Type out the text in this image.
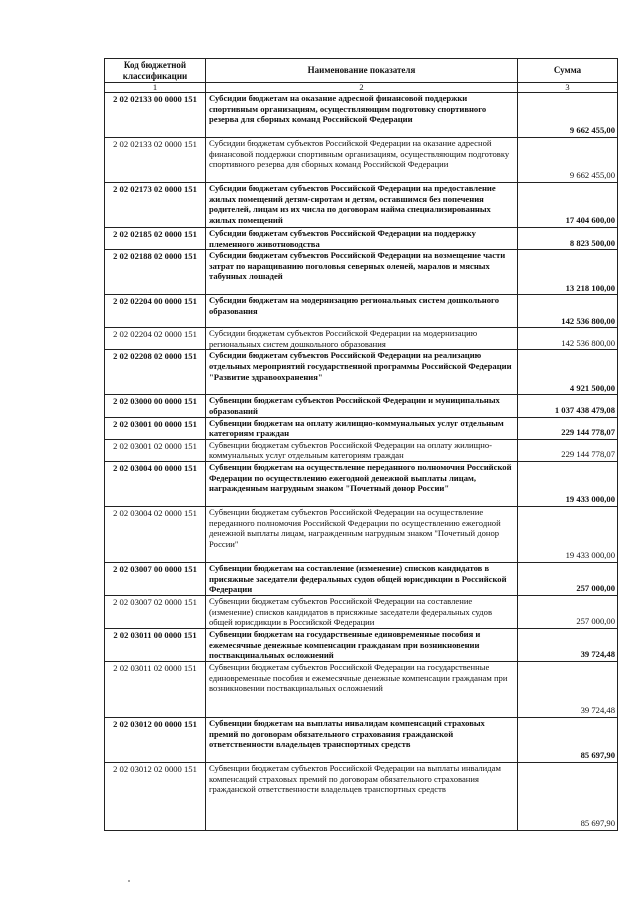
Код бюджетной классификации	Наименование показателя	Сумма
1	2	3
2 02 02133 00 0000 151	Субсидии бюджетам на оказание адресной финансовой поддержки спортивным организациям, осуществляющим подготовку спортивного резерва для сборных команд Российской Федерации	9 662 455,00
2 02 02133 02 0000 151	Субсидии бюджетам субъектов Российской Федерации на оказание адресной финансовой поддержки спортивным организациям, осуществляющим подготовку спортивного резерва для сборных команд Российской Федерации	9 662 455,00
2 02 02173 02 0000 151	Субсидии бюджетам субъектов Российской Федерации на предоставление жилых помещений детям-сиротам и детям, оставшимся без попечения родителей, лицам из их числа по договорам найма специализированных жилых помещений	17 404 600,00
2 02 02185 02 0000 151	Субсидии бюджетам субъектов Российской Федерации на поддержку племенного животноводства	8 823 500,00
2 02 02188 02 0000 151	Субсидии бюджетам субъектов Российской Федерации на возмещение части затрат по наращиванию поголовья северных оленей, маралов и мясных табунных лошадей	13 218 100,00
2 02 02204 00 0000 151	Субсидии бюджетам на модернизацию региональных систем дошкольного образования	142 536 800,00
2 02 02204 02 0000 151	Субсидии бюджетам субъектов Российской Федерации на модернизацию региональных систем дошкольного образования	142 536 800,00
2 02 02208 02 0000 151	Субсидии бюджетам субъектов Российской Федерации на реализацию отдельных мероприятий государственной программы Российской Федерации "Развитие здравоохранения"	4 921 500,00
2 02 03000 00 0000 151	Субвенции бюджетам субъектов Российской Федерации и муниципальных образований	1 037 438 479,08
2 02 03001 00 0000 151	Субвенции бюджетам на оплату жилищно-коммунальных услуг отдельным категориям граждан	229 144 778,07
2 02 03001 02 0000 151	Субвенции бюджетам субъектов Российской Федерации на оплату жилищно-коммунальных услуг отдельным категориям граждан	229 144 778,07
2 02 03004 00 0000 151	Субвенции бюджетам на осуществление переданного полномочия Российской Федерации по осуществлению ежегодной денежной выплаты лицам, награжденным нагрудным знаком "Почетный донор России"	19 433 000,00
2 02 03004 02 0000 151	Субвенции бюджетам субъектов Российской Федерации на осуществление переданного полномочия Российской Федерации по осуществлению ежегодной денежной выплаты лицам, награжденным нагрудным знаком "Почетный донор России"	19 433 000,00
2 02 03007 00 0000 151	Субвенции бюджетам на составление (изменение) списков кандидатов в присяжные заседатели федеральных судов общей юрисдикции в Российской Федерации	257 000,00
2 02 03007 02 0000 151	Субвенции бюджетам субъектов Российской Федерации на составление (изменение) списков кандидатов в присяжные заседатели федеральных судов общей юрисдикции в Российской Федерации	257 000,00
2 02 03011 00 0000 151	Субвенции бюджетам на государственные единовременные пособия и ежемесячные денежные компенсации гражданам при возникновении поствакцинальных осложнений	39 724,48
2 02 03011 02 0000 151	Субвенции бюджетам субъектов Российской Федерации на государственные единовременные пособия и ежемесячные денежные компенсации гражданам при возникновении поствакцинальных осложнений	39 724,48
2 02 03012 00 0000 151	Субвенции бюджетам на выплаты инвалидам компенсаций страховых премий по договорам обязательного страхования гражданской ответственности владельцев транспортных средств	85 697,90
2 02 03012 02 0000 151	Субвенции бюджетам субъектов Российской Федерации на выплаты инвалидам компенсаций страховых премий по договорам обязательного страхования гражданской ответственности владельцев транспортных средств	85 697,90
